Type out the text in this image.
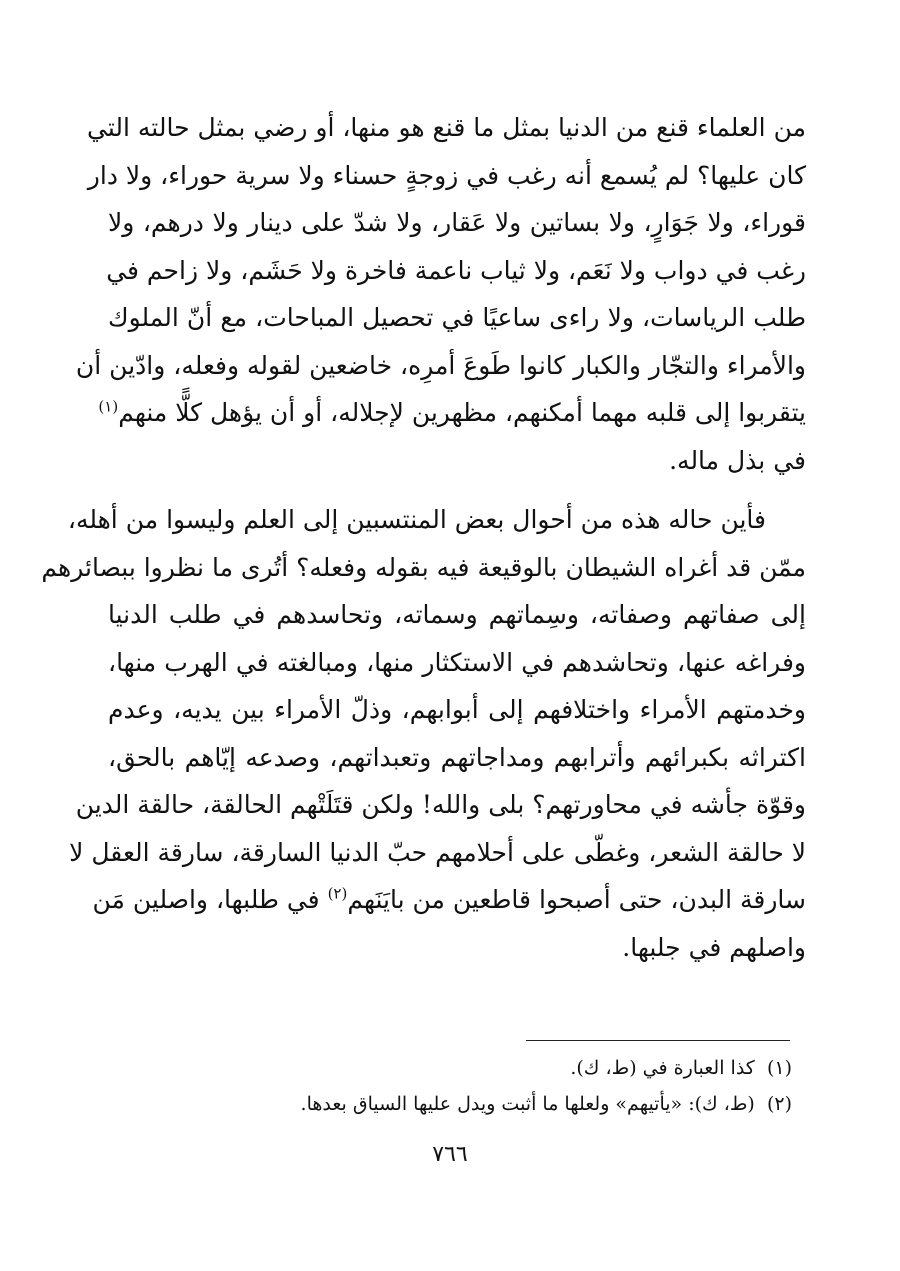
من العلماء قنع من الدنيا بمثل ما قنع هو منها، أو رضي بمثل حالته التي
كان عليها؟ لم يُسمع أنه رغب في زوجةٍ حسناء ولا سرية حوراء، ولا دار
قوراء، ولا جَوَارٍ، ولا بساتين ولا عَقار، ولا شدّ على دينار ولا درهم، ولا
رغب في دواب ولا نَعَم، ولا ثياب ناعمة فاخرة ولا حَشَم، ولا زاحم في
طلب الرياسات، ولا راءى ساعيًا في تحصيل المباحات، مع أنّ الملوك
والأمراء والتجّار والكبار كانوا طَوعَ أمرِه، خاضعين لقوله وفعله، وادّين أن
يتقربوا إلى قلبه مهما أمكنهم، مظهرين لإجلاله، أو أن يؤهل كلًّا منهم$^{(١)}$
في بذل ماله.
فأين حاله هذه من أحوال بعض المنتسبين إلى العلم وليسوا من أهله،
ممّن قد أغراه الشيطان بالوقيعة فيه بقوله وفعله؟ أتُرى ما نظروا ببصائرهم
إلى صفاتهم وصفاته، وسِماتهم وسماته، وتحاسدهم في طلب الدنيا
وفراغه عنها، وتحاشدهم في الاستكثار منها، ومبالغته في الهرب منها،
وخدمتهم الأمراء واختلافهم إلى أبوابهم، وذلّ الأمراء بين يديه، وعدم
اكتراثه بكبرائهم وأترابهم ومداجاتهم وتعبداتهم، وصدعه إيّاهم بالحق،
وقوّة جأشه في محاورتهم؟ بلى والله! ولكن قتَلَتْهم الحالقة، حالقة الدين
لا حالقة الشعر، وغطّى على أحلامهم حبّ الدنيا السارقة، سارقة العقل لا
سارقة البدن، حتى أصبحوا قاطعين من بايَنَهم$^{(٢)}$ في طلبها، واصلين مَن
واصلهم في جلبها.
(١)  كذا العبارة في (ط، ك).
(٢)  (ط، ك): «يأتيهم» ولعلها ما أثبت ويدل عليها السياق بعدها.
٧٦٦
